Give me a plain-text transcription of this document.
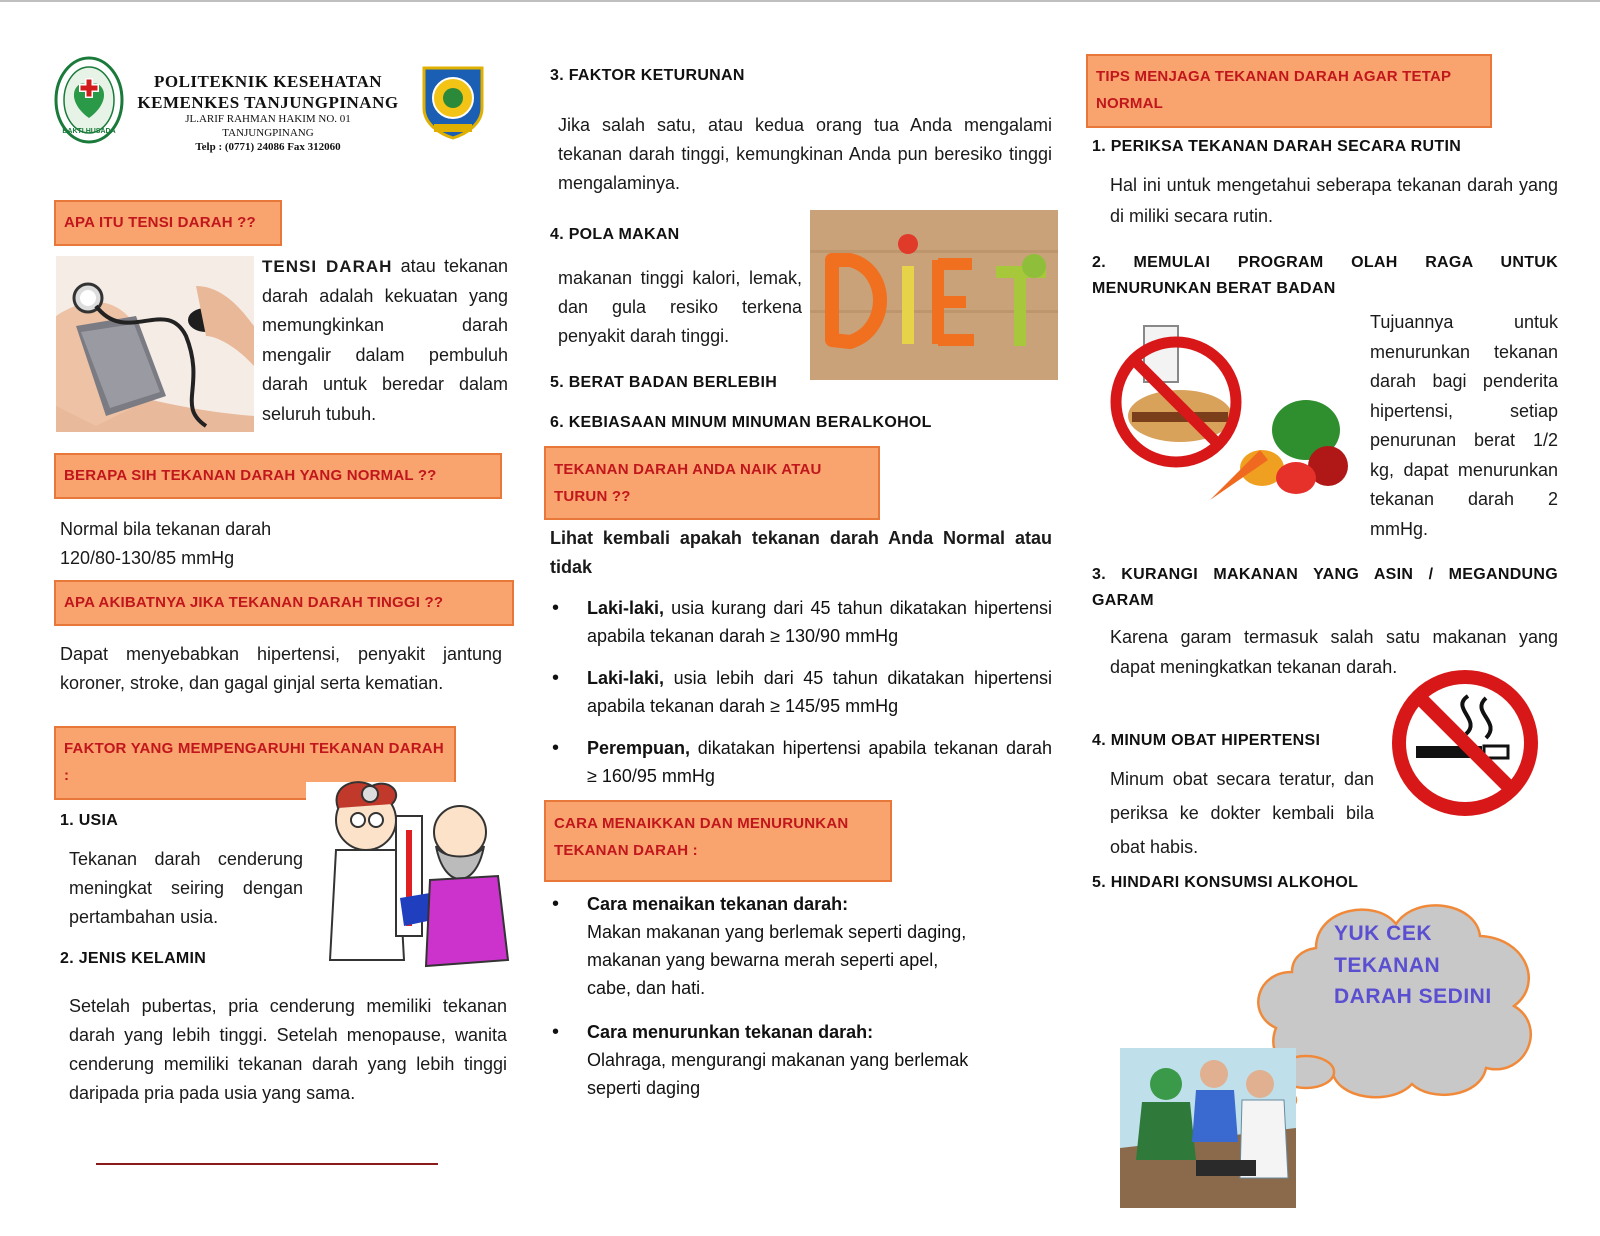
BAKTI HUSADA
POLITEKNIK KESEHATAN
KEMENKES TANJUNGPINANG
JL.ARIF RAHMAN HAKIM NO. 01
TANJUNGPINANG
Telp : (0771) 24086 Fax 312060
APA ITU TENSI DARAH ??
TENSI DARAH atau tekanan darah adalah kekuatan yang memungkinkan darah mengalir dalam pembuluh darah untuk beredar dalam seluruh tubuh.
BERAPA SIH TEKANAN DARAH YANG NORMAL ??
Normal bila tekanan darah
120/80-130/85 mmHg
APA AKIBATNYA JIKA TEKANAN DARAH TINGGI ??
Dapat menyebabkan hipertensi, penyakit jantung koroner, stroke, dan gagal ginjal serta kematian.
FAKTOR YANG MEMPENGARUHI TEKANAN DARAH :
1. USIA
Tekanan darah cenderung meningkat seiring dengan pertambahan usia.
2. JENIS KELAMIN
Setelah pubertas, pria cenderung memiliki tekanan darah yang lebih tinggi. Setelah menopause, wanita cenderung memiliki tekanan darah yang lebih tinggi daripada pria pada usia yang sama.
3. FAKTOR KETURUNAN
Jika salah satu, atau kedua orang tua Anda mengalami tekanan darah tinggi, kemungkinan Anda pun beresiko tinggi mengalaminya.
4. POLA MAKAN
makanan tinggi kalori, lemak, dan gula resiko terkena penyakit darah tinggi.
5. BERAT BADAN BERLEBIH
6. KEBIASAAN MINUM MINUMAN BERALKOHOL
TEKANAN DARAH ANDA NAIK ATAU TURUN ??
Lihat kembali apakah tekanan darah Anda Normal atau tidak
• Laki-laki, usia kurang dari 45 tahun dikatakan hipertensi apabila tekanan darah ≥ 130/90 mmHg
• Laki-laki, usia lebih dari 45 tahun dikatakan hipertensi apabila tekanan darah ≥ 145/95 mmHg
• Perempuan, dikatakan hipertensi apabila tekanan darah ≥ 160/95 mmHg
CARA MENAIKKAN DAN MENURUNKAN TEKANAN DARAH :
• Cara menaikan tekanan darah:
Makan makanan yang berlemak seperti daging, makanan yang bewarna merah seperti apel, cabe, dan hati.
• Cara menurunkan tekanan darah:
Olahraga, mengurangi makanan yang berlemak seperti daging
TIPS MENJAGA TEKANAN DARAH AGAR TETAP NORMAL
1. PERIKSA TEKANAN DARAH SECARA RUTIN
Hal ini untuk mengetahui seberapa tekanan darah yang di miliki secara rutin.
2. MEMULAI PROGRAM OLAH RAGA UNTUK MENURUNKAN BERAT BADAN
Tujuannya untuk menurunkan tekanan darah bagi penderita hipertensi, setiap penurunan berat 1/2 kg, dapat menurunkan tekanan darah 2 mmHg.
3. KURANGI MAKANAN YANG ASIN / MEGANDUNG GARAM
Karena garam termasuk salah satu makanan yang dapat meningkatkan tekanan darah.
4. MINUM OBAT HIPERTENSI
Minum obat secara teratur, dan periksa ke dokter kembali bila obat habis.
5. HINDARI KONSUMSI ALKOHOL
YUK CEK
TEKANAN
DARAH SEDINI
